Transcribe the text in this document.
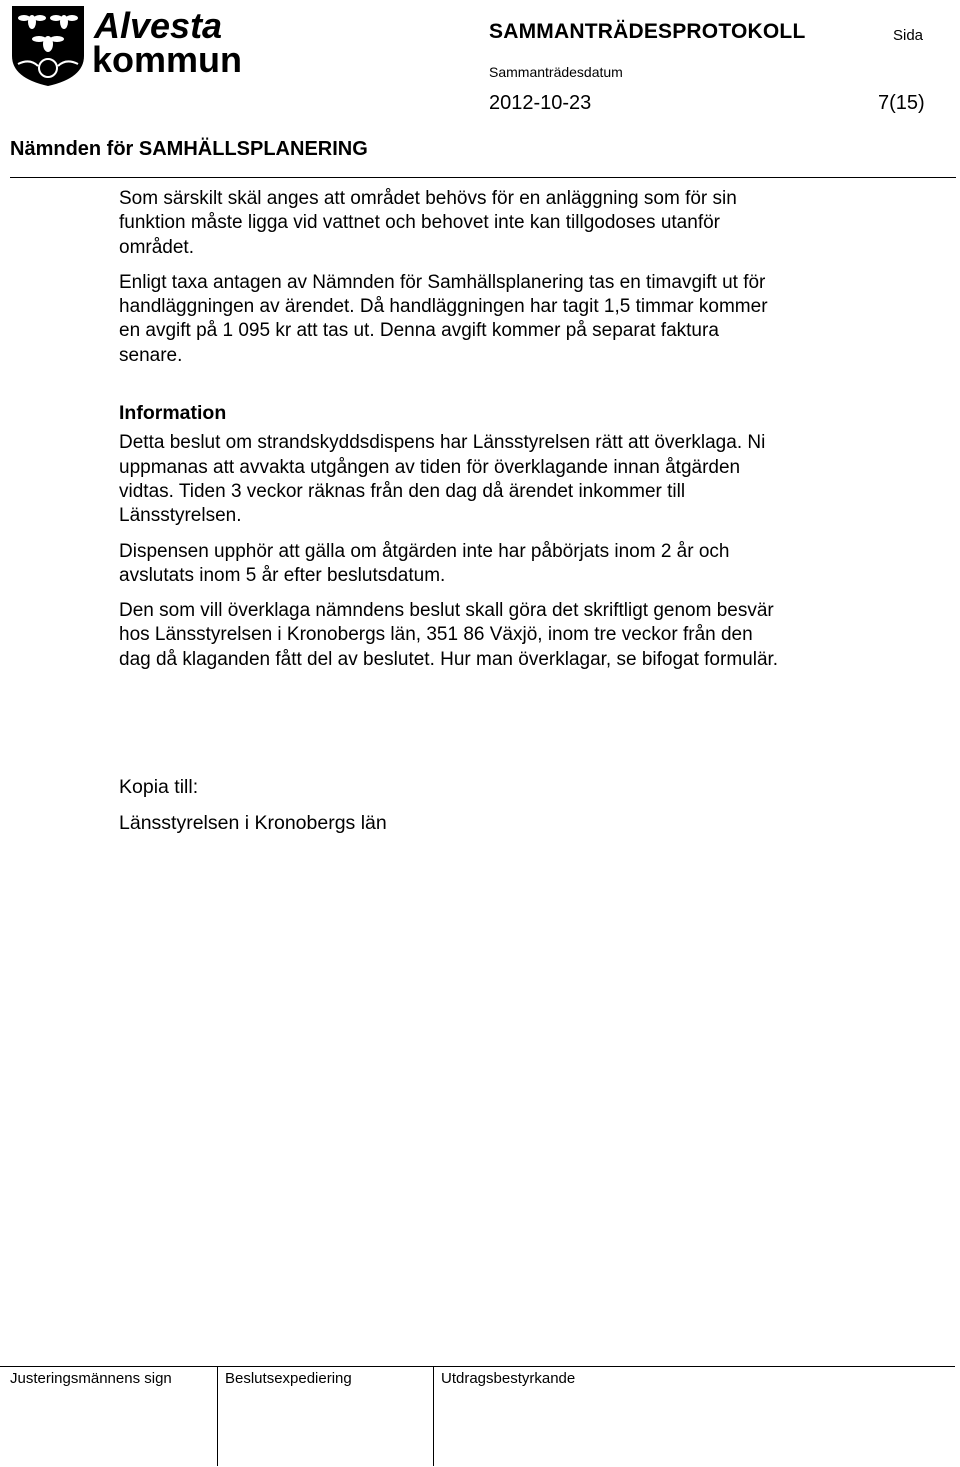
Alvesta
kommun
SAMMANTRÄDESPROTOKOLL	Sida
Sammanträdesdatum
2012-10-23	7(15)
Nämnden för SAMHÄLLSPLANERING

Som särskilt skäl anges att området behövs för en anläggning som för sin funktion måste ligga vid vattnet och behovet inte kan tillgodoses utanför området.

Enligt taxa antagen av Nämnden för Samhällsplanering tas en timavgift ut för handläggningen av ärendet. Då handläggningen har tagit 1,5 timmar kommer en avgift på 1 095 kr att tas ut. Denna avgift kommer på separat faktura senare.

Information

Detta beslut om strandskyddsdispens har Länsstyrelsen rätt att överklaga. Ni uppmanas att avvakta utgången av tiden för överklagande innan åtgärden vidtas. Tiden 3 veckor räknas från den dag då ärendet inkommer till Länsstyrelsen.

Dispensen upphör att gälla om åtgärden inte har påbörjats inom 2 år och avslutats inom 5 år efter beslutsdatum.

Den som vill överklaga nämndens beslut skall göra det skriftligt genom besvär hos Länsstyrelsen i Kronobergs län, 351 86 Växjö, inom tre veckor från den dag då klaganden fått del av beslutet. Hur man överklagar, se bifogat formulär.

Kopia till:
Länsstyrelsen i Kronobergs län
Justeringsmännens sign	Beslutsexpediering	Utdragsbestyrkande
